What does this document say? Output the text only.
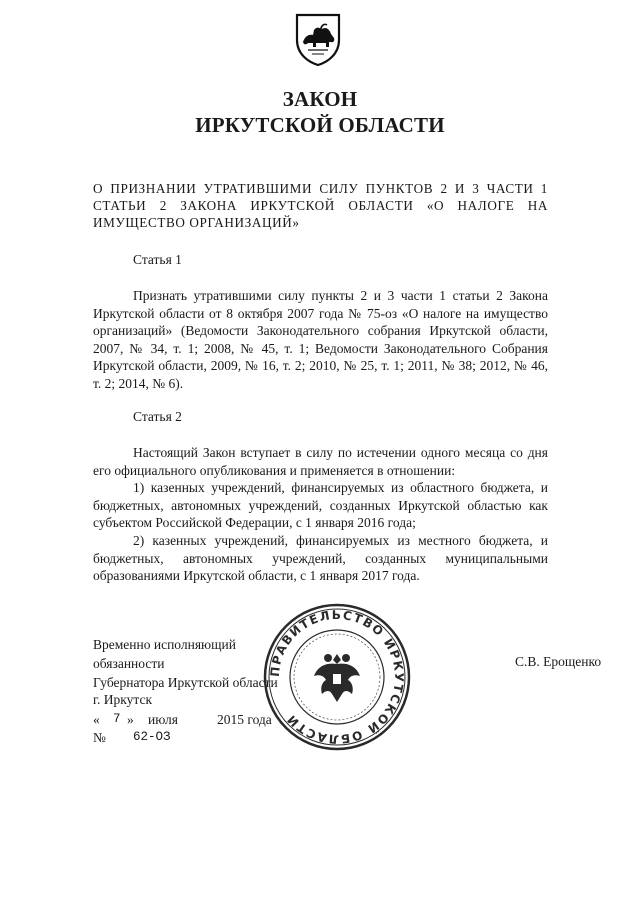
ЗАКОН
ИРКУТСКОЙ ОБЛАСТИ
О ПРИЗНАНИИ УТРАТИВШИМИ СИЛУ ПУНКТОВ 2 И 3 ЧАСТИ 1 СТАТЬИ 2 ЗАКОНА ИРКУТСКОЙ ОБЛАСТИ «О НАЛОГЕ НА ИМУЩЕСТВО ОРГАНИЗАЦИЙ»
Статья 1
Признать утратившими силу пункты 2 и 3 части 1 статьи 2 Закона Иркутской области от 8 октября 2007 года № 75-оз «О налоге на имущество организаций» (Ведомости Законодательного собрания Иркутской области, 2007, № 34, т. 1; 2008, № 45, т. 1; Ведомости Законодательного Собрания Иркутской области, 2009, № 16, т. 2; 2010, № 25, т. 1; 2011, № 38; 2012, № 46, т. 2; 2014, № 6).
Статья 2
Настоящий Закон вступает в силу по истечении одного месяца со дня его официального опубликования и применяется в отношении:
1) казенных учреждений, финансируемых из областного бюджета, и бюджетных, автономных учреждений, созданных Иркутской областью как субъектом Российской Федерации, с 1 января 2016 года;
2) казенных учреждений, финансируемых из местного бюджета, и бюджетных, автономных учреждений, созданных муниципальными образованиями Иркутской области, с 1 января 2017 года.
Временно исполняющий обязанности
Губернатора Иркутской области
С.В. Ерощенко
г. Иркутск
« 7 » июля	2015 года
№ 62-ОЗ
ПРАВИТЕЛЬСТВО ИРКУТСКОЙ ОБЛАСТИ
